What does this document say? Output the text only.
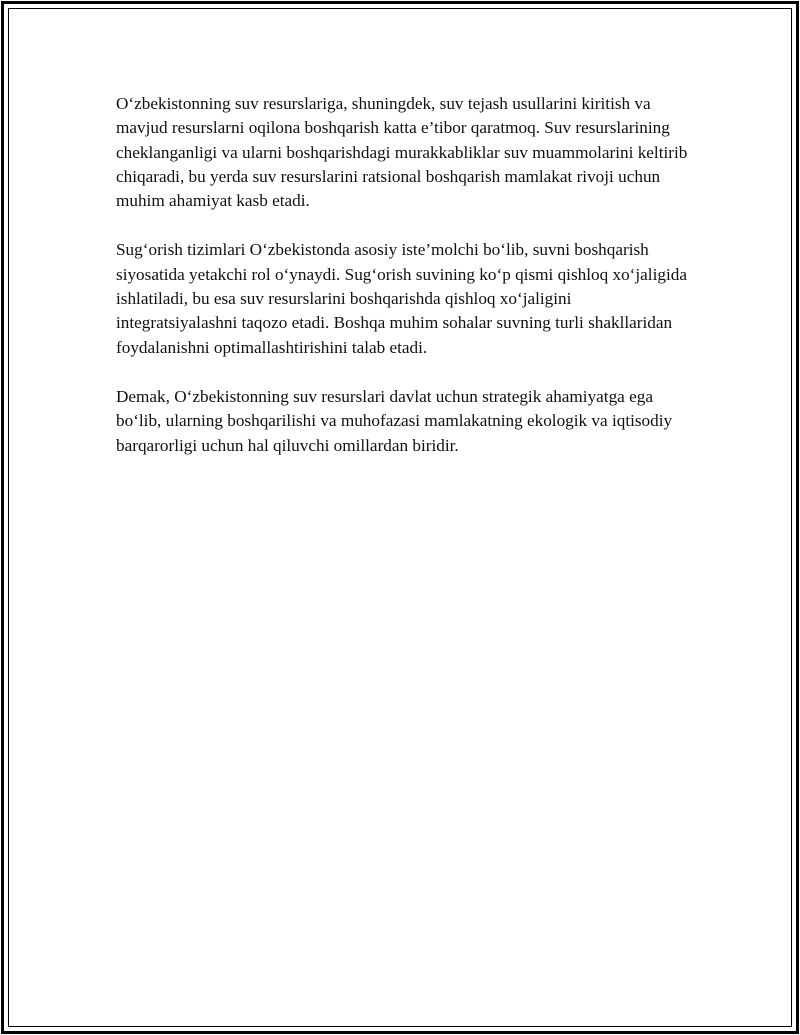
O‘zbekistonning suv resurslariga, shuningdek, suv tejash usullarini kiritish va mavjud resurslarni oqilona boshqarish katta e’tibor qaratmoq. Suv resurslarining cheklanganligi va ularni boshqarishdagi murakkabliklar suv muammolarini keltirib chiqaradi, bu yerda suv resurslarini ratsional boshqarish mamlakat rivoji uchun muhim ahamiyat kasb etadi.

Sug‘orish tizimlari O‘zbekistonda asosiy iste’molchi bo‘lib, suvni boshqarish siyosatida yetakchi rol o‘ynaydi. Sug‘orish suvining ko‘p qismi qishloq xo‘jaligida ishlatiladi, bu esa suv resurslarini boshqarishda qishloq xo‘jaligini integratsiyalashni taqozo etadi. Boshqa muhim sohalar suvning turli shakllaridan foydalanishni optimallashtirishini talab etadi.

Demak, O‘zbekistonning suv resurslari davlat uchun strategik ahamiyatga ega bo‘lib, ularning boshqarilishi va muhofazasi mamlakatning ekologik va iqtisodiy barqarorligi uchun hal qiluvchi omillardan biridir.
